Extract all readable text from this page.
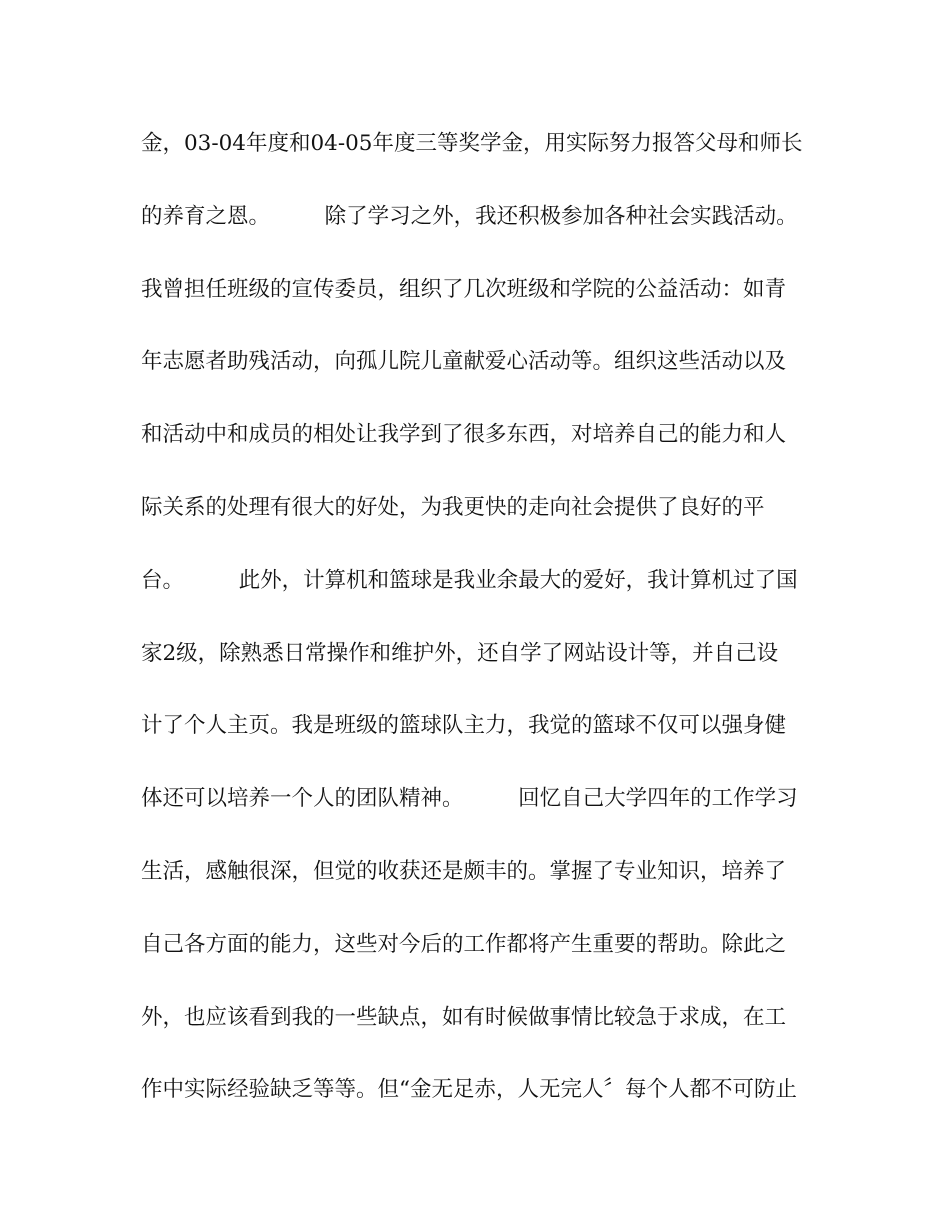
金，03-04年度和04-05年度三等奖学金，用实际努力报答父母和师长
的养育之恩。        除了学习之外，我还积极参加各种社会实践活动。
我曾担任班级的宣传委员，组织了几次班级和学院的公益活动：如青
年志愿者助残活动，向孤儿院儿童献爱心活动等。组织这些活动以及
和活动中和成员的相处让我学到了很多东西，对培养自己的能力和人
际关系的处理有很大的好处，为我更快的走向社会提供了良好的平
台。        此外，计算机和篮球是我业余最大的爱好，我计算机过了国
家2级，除熟悉日常操作和维护外，还自学了网站设计等，并自己设
计了个人主页。我是班级的篮球队主力，我觉的篮球不仅可以强身健
体还可以培养一个人的团队精神。        回忆自己大学四年的工作学习
生活，感触很深，但觉的收获还是颇丰的。掌握了专业知识，培养了
自己各方面的能力，这些对今后的工作都将产生重要的帮助。除此之
外，也应该看到我的一些缺点，如有时候做事情比较急于求成，在工
作中实际经验缺乏等等。但“金无足赤，人无完人〞每个人都不可防止
